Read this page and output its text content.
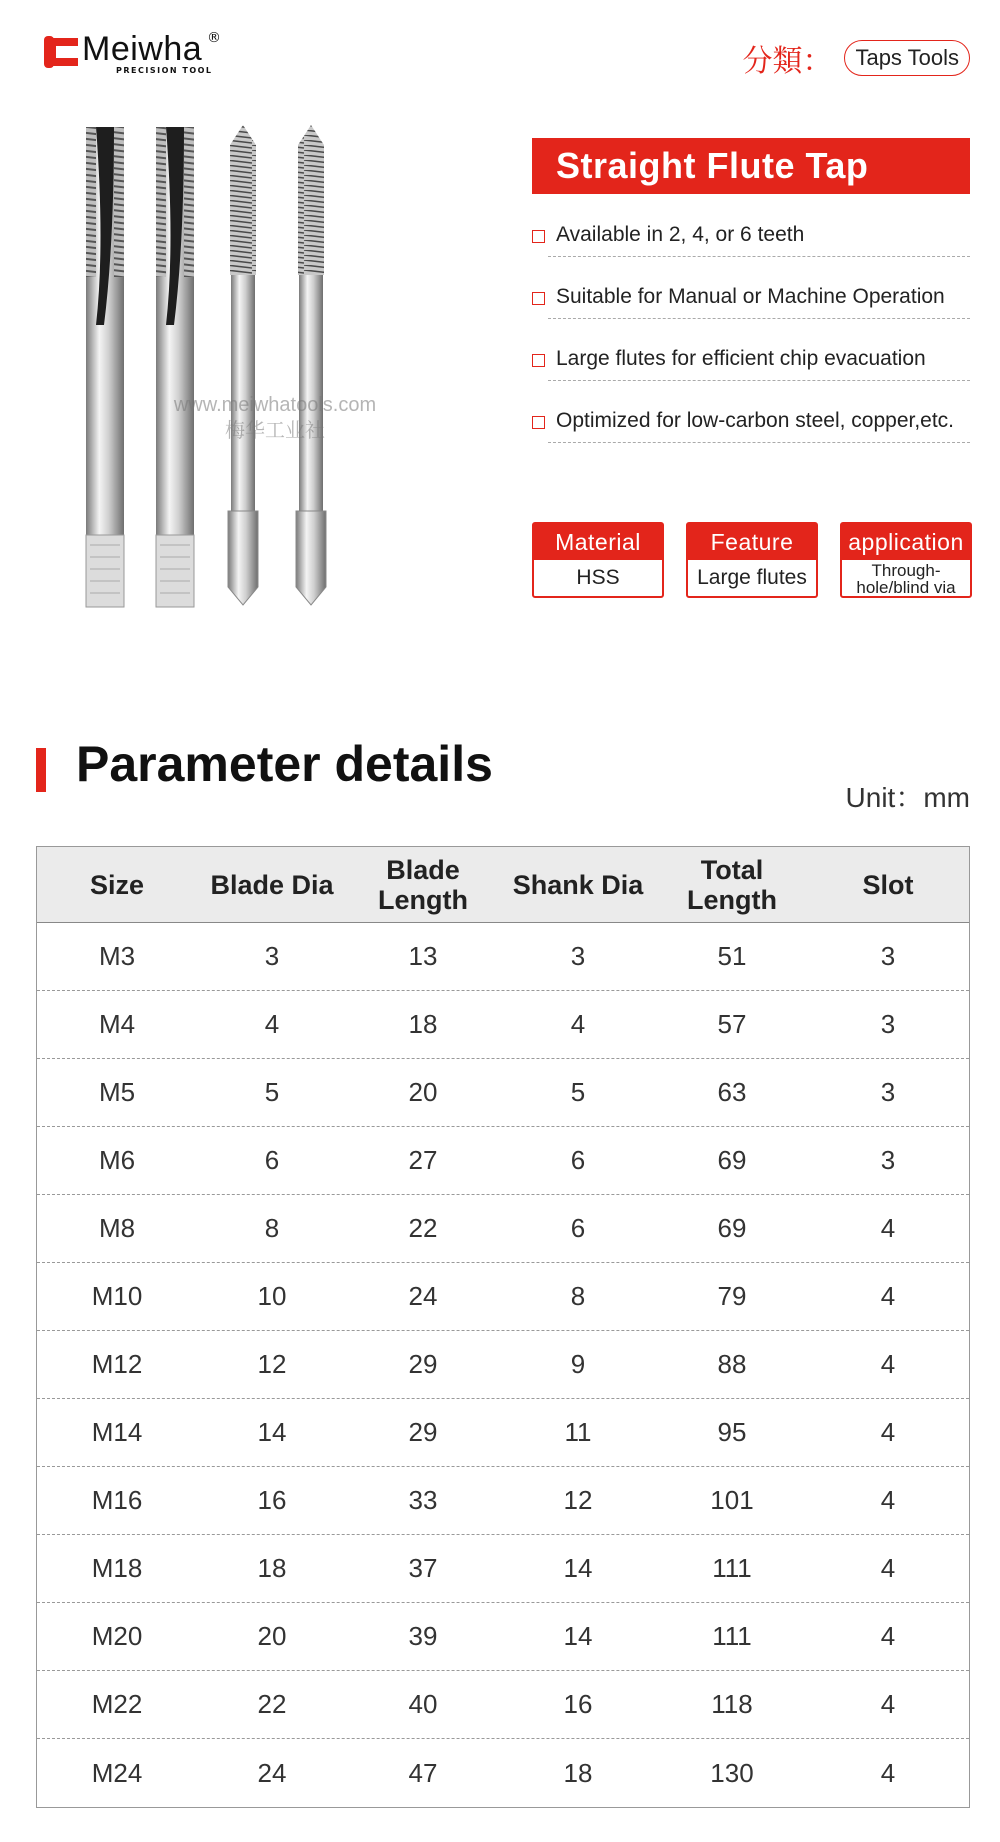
Meiwha ®
PRECISION TOOL	分類：	Taps Tools
www.meiwhatools.com
梅华工业社
Straight Flute Tap
Available in 2, 4, or 6 teeth
Suitable for Manual or Machine Operation
Large flutes for efficient chip evacuation
Optimized for low-carbon steel, copper,etc.
Material
HSS
Feature
Large flutes
application
Through-
hole/blind via
Parameter details
Unit：mm
Size	Blade Dia	Blade Length	Shank Dia	Total Length	Slot
M3	3	13	3	51	3
M4	4	18	4	57	3
M5	5	20	5	63	3
M6	6	27	6	69	3
M8	8	22	6	69	4
M10	10	24	8	79	4
M12	12	29	9	88	4
M14	14	29	11	95	4
M16	16	33	12	101	4
M18	18	37	14	111	4
M20	20	39	14	111	4
M22	22	40	16	118	4
M24	24	47	18	130	4
